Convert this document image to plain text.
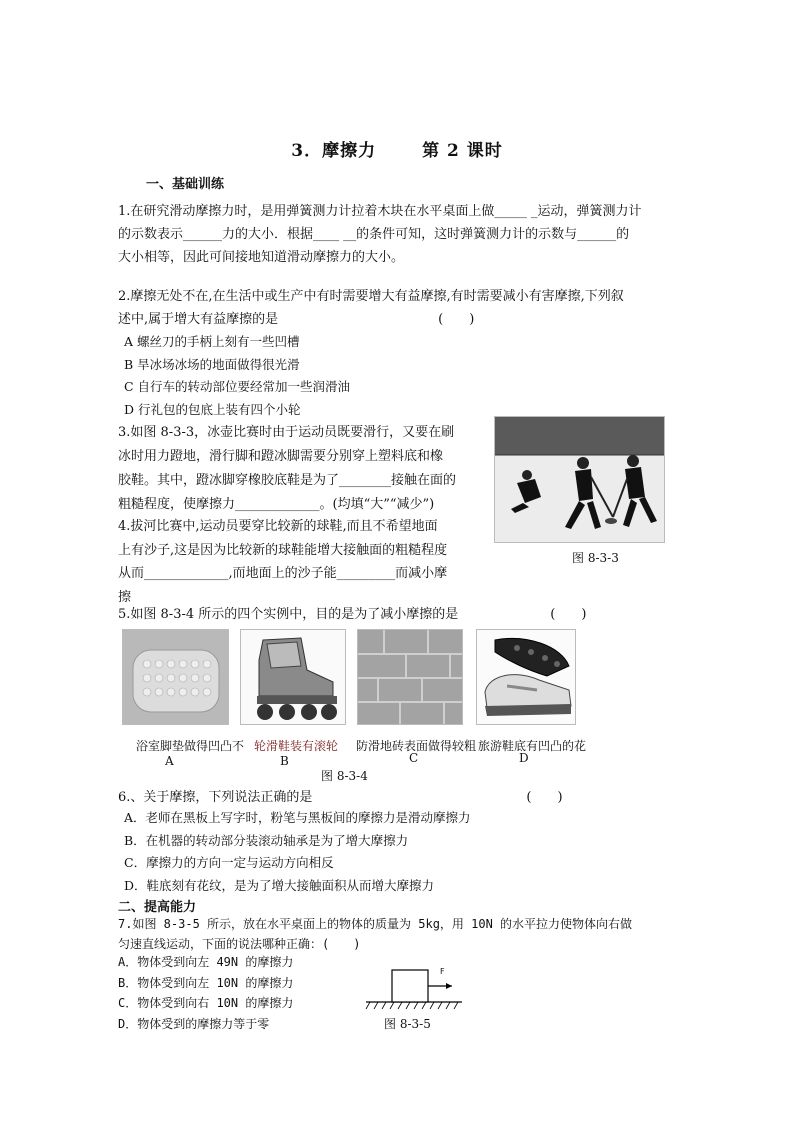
3．摩擦力	第 2 课时
一、基础训练
1.在研究滑动摩擦力时，是用弹簧测力计拉着木块在水平桌面上做_____ _运动，弹簧测力计
的示数表示______力的大小．根据____ __的条件可知，这时弹簧测力计的示数与______的
大小相等，因此可间接地知道滑动摩擦力的大小。
2.摩擦无处不在,在生活中或生产中有时需要增大有益摩擦,有时需要减小有害摩擦,下列叙
述中,属于增大有益摩擦的是	(　　)
A 螺丝刀的手柄上刻有一些凹槽
B 旱冰场冰场的地面做得很光滑
C 自行车的转动部位要经常加一些润滑油
D 行礼包的包底上装有四个小轮
3.如图 8-3-3，冰壶比赛时由于运动员既要滑行，又要在刷
冰时用力蹬地，滑行脚和蹬冰脚需要分别穿上塑料底和橡
胶鞋。其中，蹬冰脚穿橡胶底鞋是为了________接触在面的
粗糙程度，使摩擦力_____________。(均填“大”“减少”)
图 8-3-3
4.拔河比赛中,运动员要穿比较新的球鞋,而且不希望地面
上有沙子,这是因为比较新的球鞋能增大接触面的粗糙程度
从而_____________,而地面上的沙子能_________而减小摩
擦
5.如图 8-3-4 所示的四个实例中，目的是为了减小摩擦的是	(　　)
浴室脚垫做得凹凸不 轮滑鞋装有滚轮 防滑地砖表面做得较粗 旅游鞋底有凹凸的花
A	B	C	D
图 8-3-4
6.、关于摩擦，下列说法正确的是	(　　)
A．老师在黑板上写字时，粉笔与黑板间的摩擦力是滑动摩擦力
B．在机器的转动部分装滚动轴承是为了增大摩擦力
C．摩擦力的方向一定与运动方向相反
D．鞋底刻有花纹，是为了增大接触面积从而增大摩擦力
二、提高能力
7.如图 8-3-5 所示，放在水平桌面上的物体的质量为 5kg，用 10N 的水平拉力使物体向右做
匀速直线运动，下面的说法哪种正确：(　　)
A．物体受到向左 49N 的摩擦力
B．物体受到向左 10N 的摩擦力
C．物体受到向右 10N 的摩擦力
D．物体受到的摩擦力等于零
F
图 8-3-5
